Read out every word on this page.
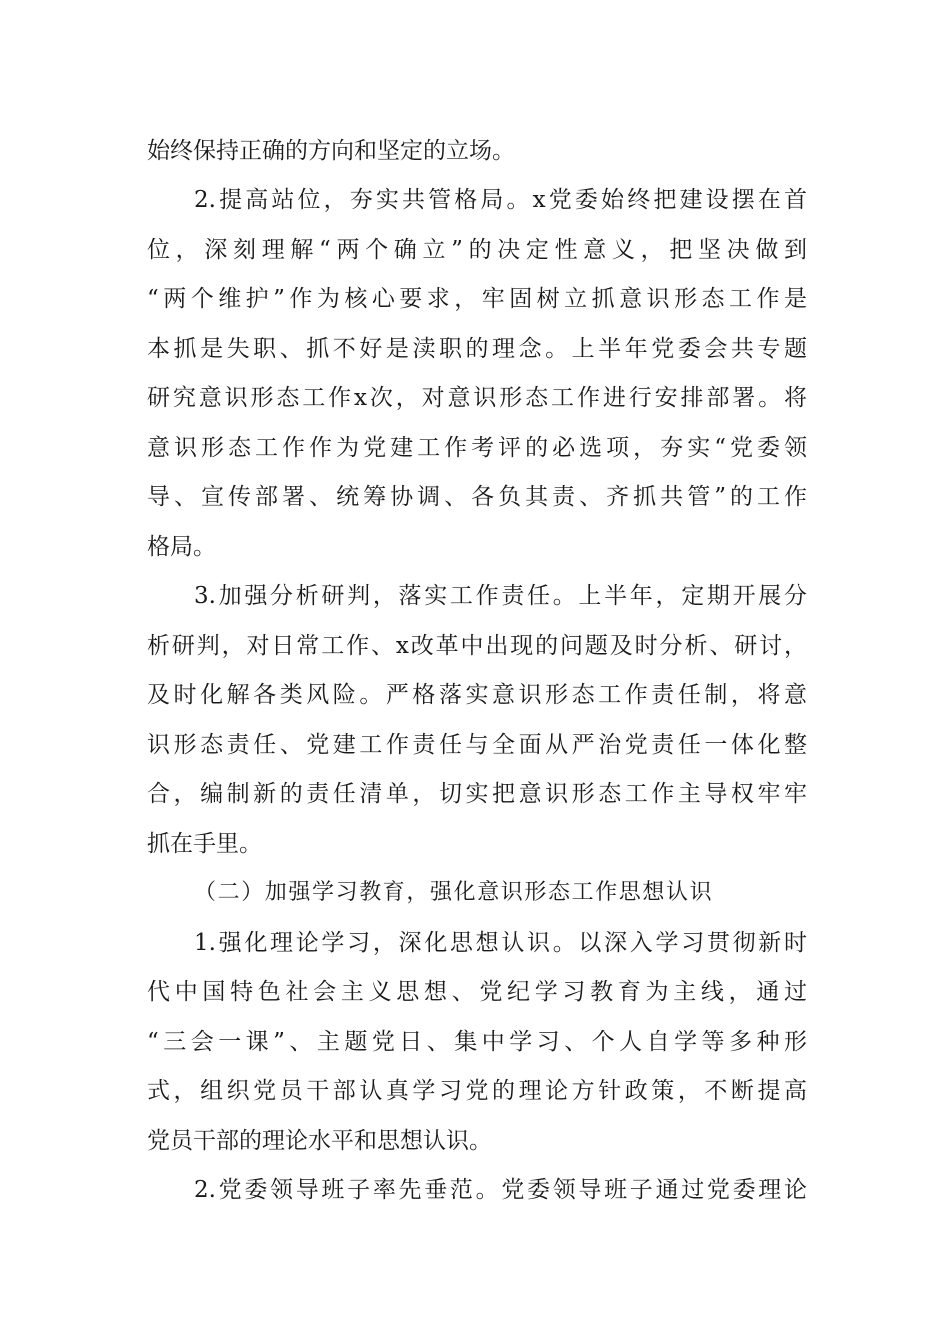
始终保持正确的方向和坚定的立场。
2.提高站位，夯实共管格局。x党委始终把建设摆在首
位，深刻理解“两个确立”的决定性意义，把坚决做到
“两个维护”作为核心要求，牢固树立抓意识形态工作是
本抓是失职、抓不好是渎职的理念。上半年党委会共专题
研究意识形态工作x次，对意识形态工作进行安排部署。将
意识形态工作作为党建工作考评的必选项，夯实“党委领
导、宣传部署、统筹协调、各负其责、齐抓共管”的工作
格局。
3.加强分析研判，落实工作责任。上半年，定期开展分
析研判，对日常工作、x改革中出现的问题及时分析、研讨，
及时化解各类风险。严格落实意识形态工作责任制，将意
识形态责任、党建工作责任与全面从严治党责任一体化整
合，编制新的责任清单，切实把意识形态工作主导权牢牢
抓在手里。
（二）加强学习教育，强化意识形态工作思想认识
1.强化理论学习，深化思想认识。以深入学习贯彻新时
代中国特色社会主义思想、党纪学习教育为主线，通过
“三会一课”、主题党日、集中学习、个人自学等多种形
式，组织党员干部认真学习党的理论方针政策，不断提高
党员干部的理论水平和思想认识。
2.党委领导班子率先垂范。党委领导班子通过党委理论
